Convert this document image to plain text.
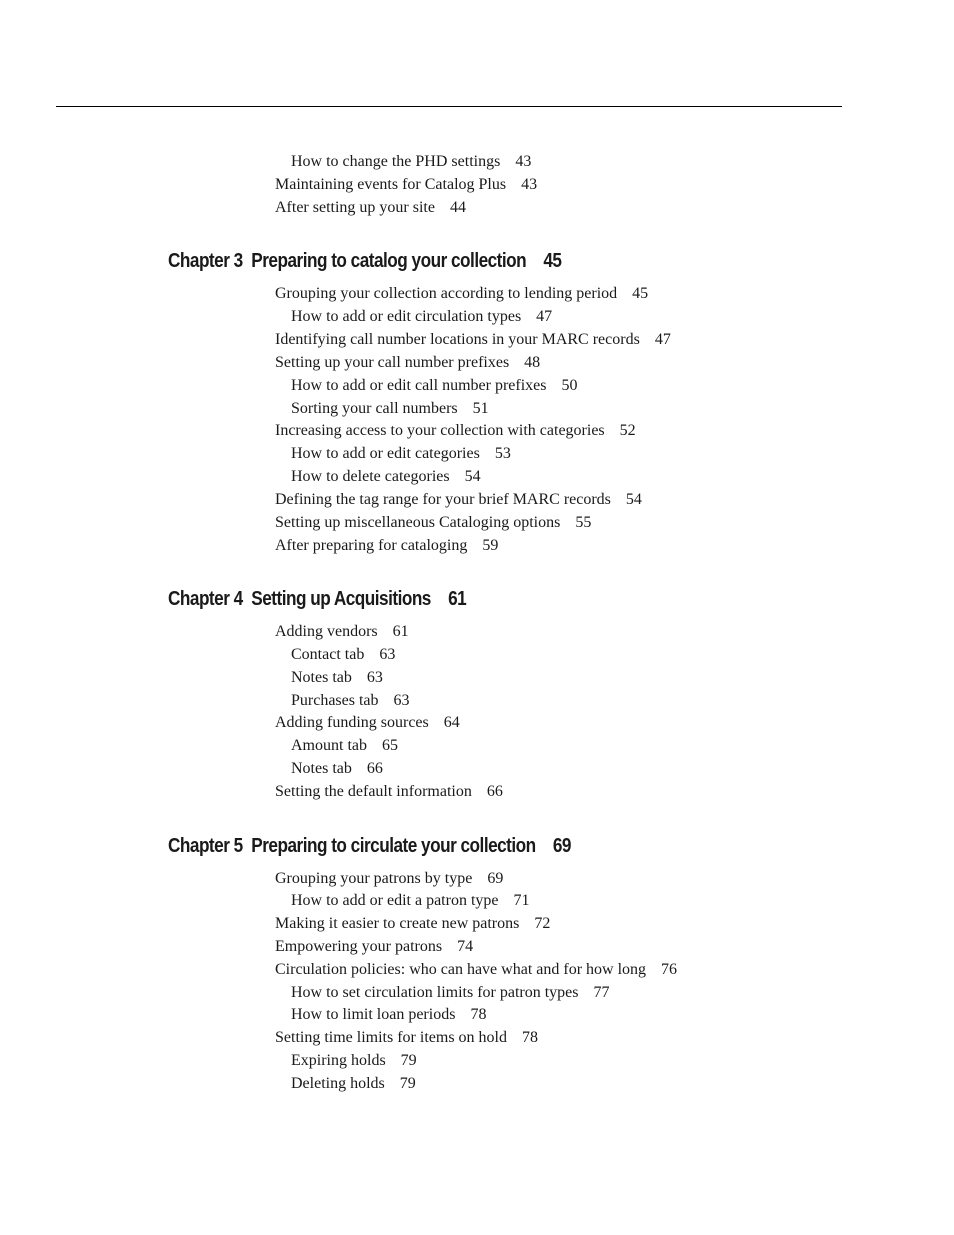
How to change the PHD settings 43
Maintaining events for Catalog Plus 43
After setting up your site 44
Chapter 3 Preparing to catalog your collection 45
Grouping your collection according to lending period 45
How to add or edit circulation types 47
Identifying call number locations in your MARC records 47
Setting up your call number prefixes 48
How to add or edit call number prefixes 50
Sorting your call numbers 51
Increasing access to your collection with categories 52
How to add or edit categories 53
How to delete categories 54
Defining the tag range for your brief MARC records 54
Setting up miscellaneous Cataloging options 55
After preparing for cataloging 59
Chapter 4 Setting up Acquisitions 61
Adding vendors 61
Contact tab 63
Notes tab 63
Purchases tab 63
Adding funding sources 64
Amount tab 65
Notes tab 66
Setting the default information 66
Chapter 5 Preparing to circulate your collection 69
Grouping your patrons by type 69
How to add or edit a patron type 71
Making it easier to create new patrons 72
Empowering your patrons 74
Circulation policies: who can have what and for how long 76
How to set circulation limits for patron types 77
How to limit loan periods 78
Setting time limits for items on hold 78
Expiring holds 79
Deleting holds 79
